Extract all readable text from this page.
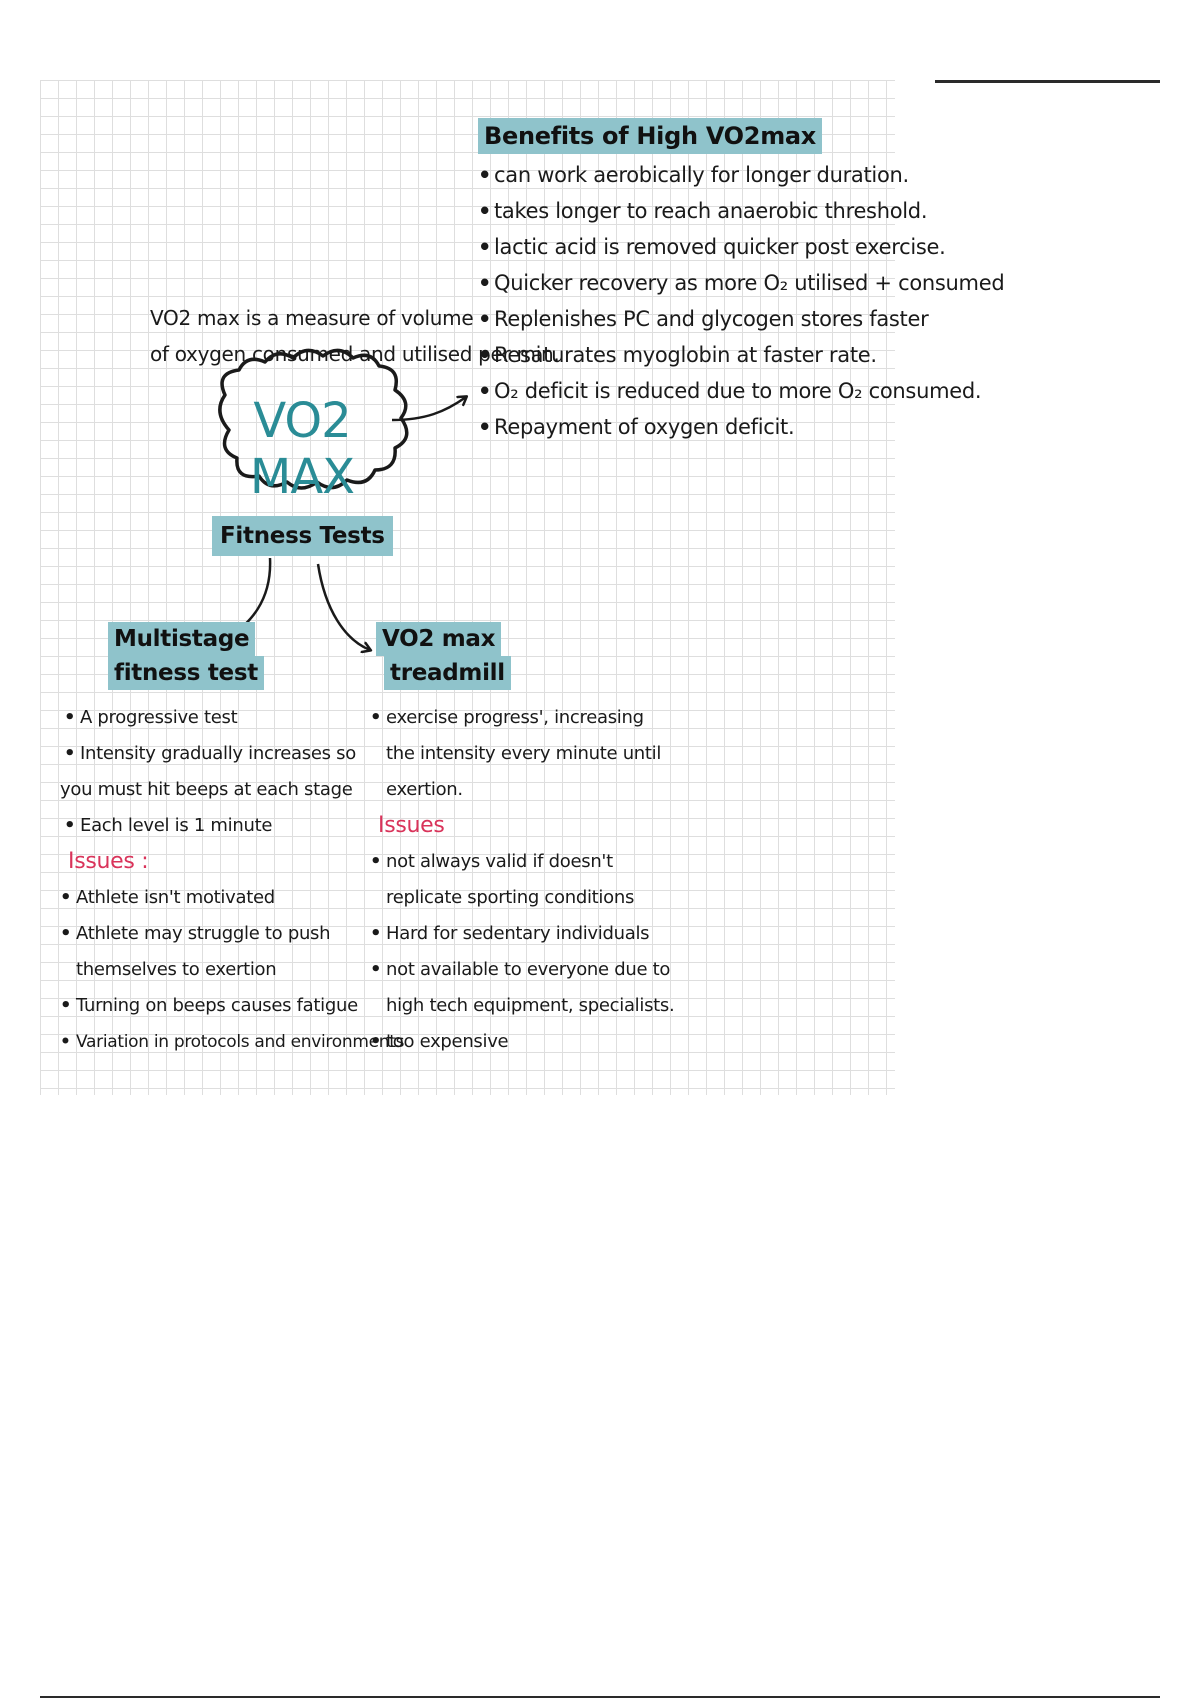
Benefits of High VO2max
• can work aerobically for longer duration.
• takes longer to reach anaerobic threshold.
• lactic acid is removed quicker post exercise.
• Quicker recovery as more O₂ utilised + consumed
• Replenishes PC and glycogen stores faster
• Resaturates myoglobin at faster rate.
• O₂ deficit is reduced due to more O₂ consumed.
• Repayment of oxygen deficit.
VO2 max is a measure of volume
of oxygen consumed and utilised per min.
VO2 MAX
Fitness Tests
Multistage
fitness test
• A progressive test
• Intensity gradually increases so
you must hit beeps at each stage
• Each level is 1 minute
Issues :
• Athlete isn't motivated
• Athlete may struggle to push
themselves to exertion
• Turning on beeps causes fatigue
• Variation in protocols and environments
VO2 max
treadmill
• exercise progress', increasing
the intensity every minute until
exertion.
Issues
• not always valid if doesn't
replicate sporting conditions
• Hard for sedentary individuals
• not available to everyone due to
high tech equipment, specialists.
• too expensive
